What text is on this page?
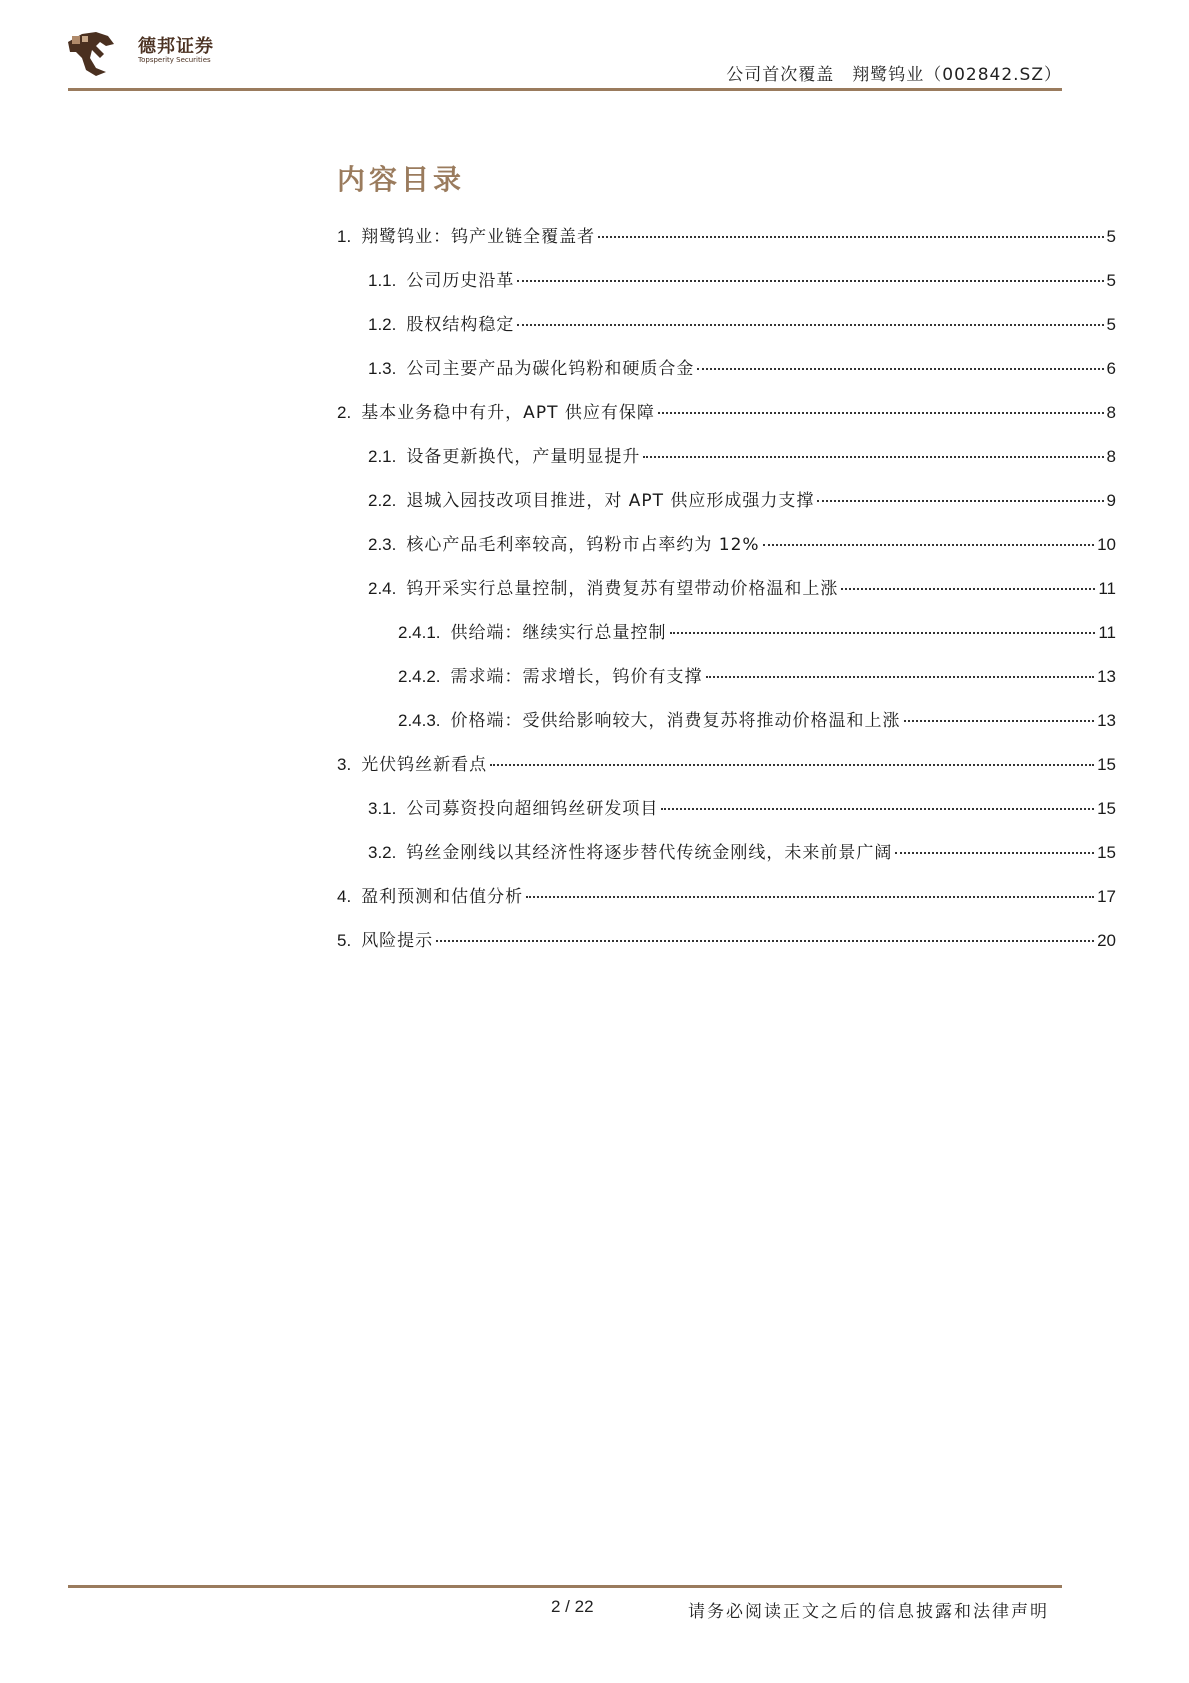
德邦证券
Topsperity Securities
公司首次覆盖　翔鹭钨业（002842.SZ）
内容目录
1. 翔鹭钨业：钨产业链全覆盖者	5
1.1. 公司历史沿革	5
1.2. 股权结构稳定	5
1.3. 公司主要产品为碳化钨粉和硬质合金	6
2. 基本业务稳中有升，APT 供应有保障	8
2.1. 设备更新换代，产量明显提升	8
2.2. 退城入园技改项目推进，对 APT 供应形成强力支撑	9
2.3. 核心产品毛利率较高，钨粉市占率约为 12%	10
2.4. 钨开采实行总量控制，消费复苏有望带动价格温和上涨	11
2.4.1. 供给端：继续实行总量控制	11
2.4.2. 需求端：需求增长，钨价有支撑	13
2.4.3. 价格端：受供给影响较大，消费复苏将推动价格温和上涨	13
3. 光伏钨丝新看点	15
3.1. 公司募资投向超细钨丝研发项目	15
3.2. 钨丝金刚线以其经济性将逐步替代传统金刚线，未来前景广阔	15
4. 盈利预测和估值分析	17
5. 风险提示	20
2 / 22	请务必阅读正文之后的信息披露和法律声明
